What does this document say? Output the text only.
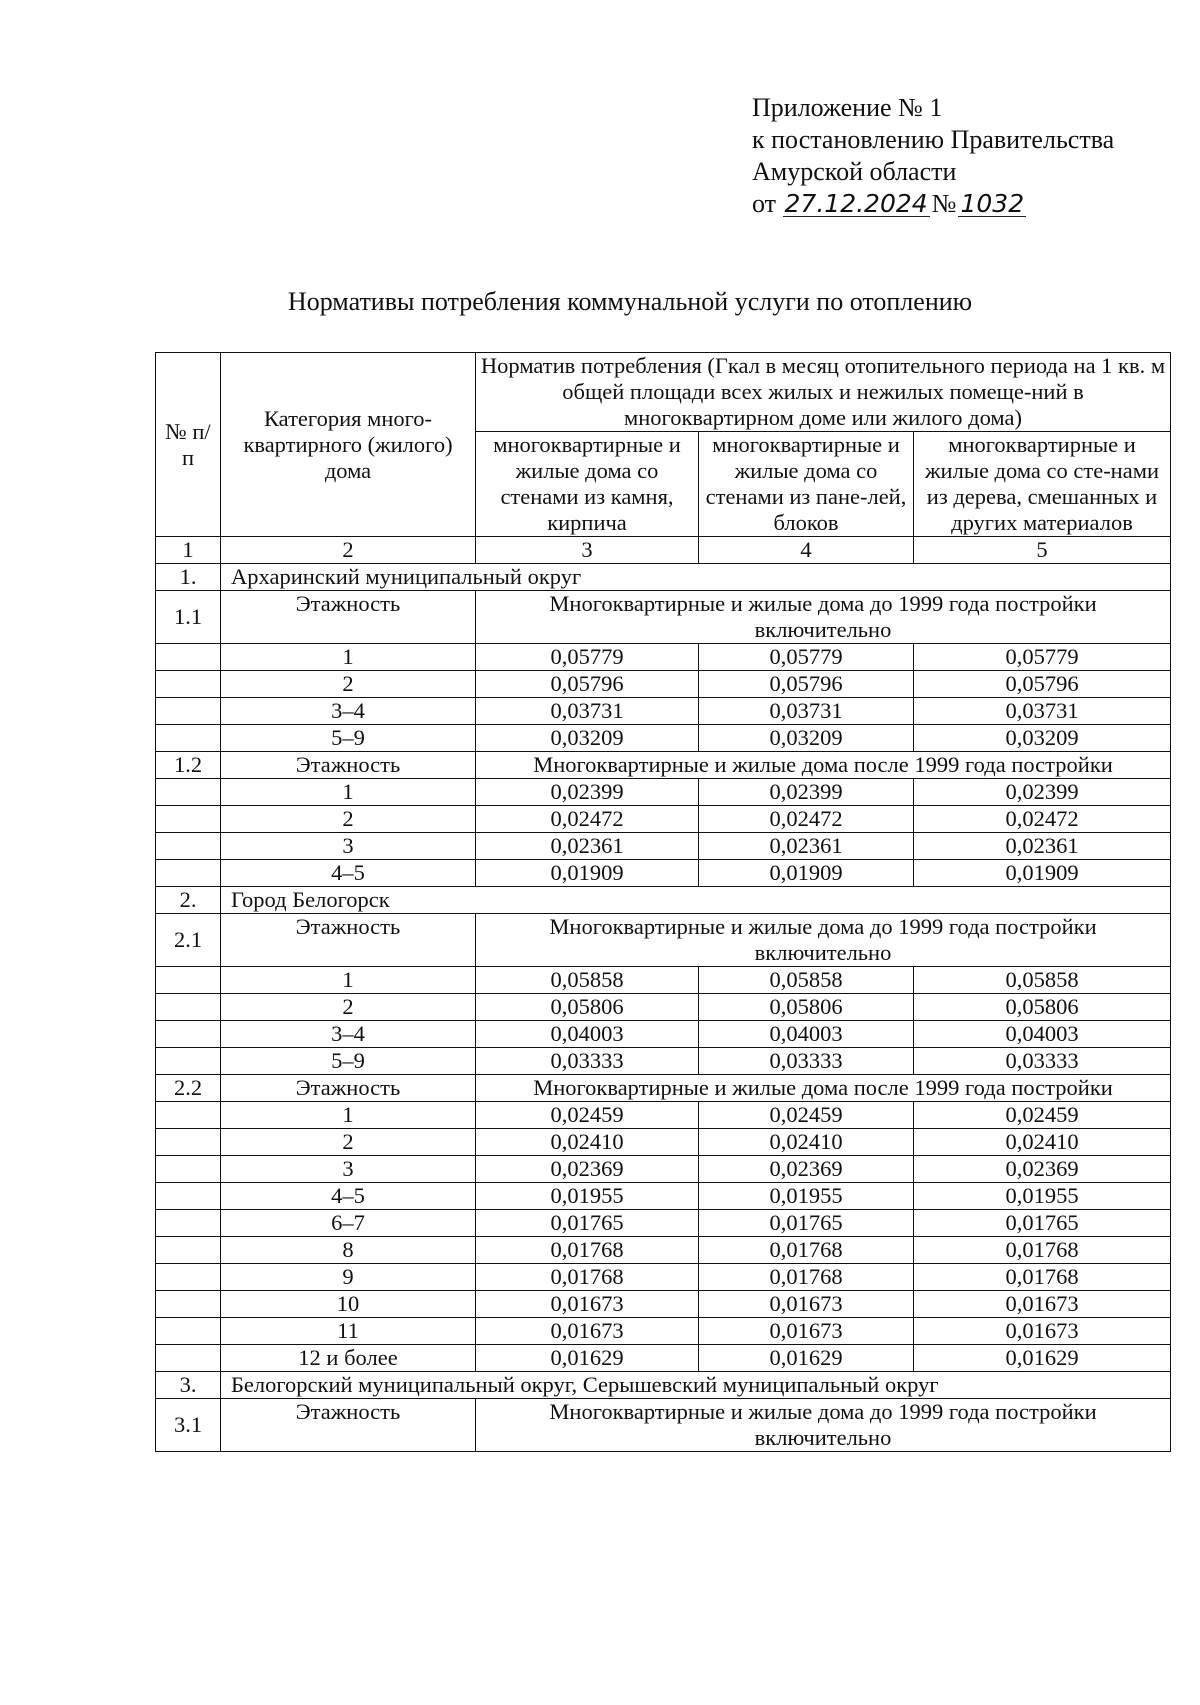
Приложение № 1
к постановлению Правительства
Амурской области
от 27.12.2024 № 1032
Нормативы потребления коммунальной услуги по отоплению
№ п/п	Категория много-квартирного (жилого) дома	Норматив потребления (Гкал в месяц отопительного периода на 1 кв. м общей площади всех жилых и нежилых помеще-ний в многоквартирном доме или жилого дома)		
		многоквартирные и жилые дома со стенами из камня, кирпича	многоквартирные и жилые дома со стенами из пане-лей, блоков	многоквартирные и жилые дома со сте-нами из дерева, смешанных и других материалов
1	2	3	4	5
1.	Архаринский муниципальный округ			
1.1	Этажность	Многоквартирные и жилые дома до 1999 года постройки включительно		
	1	0,05779	0,05779	0,05779
	2	0,05796	0,05796	0,05796
	3–4	0,03731	0,03731	0,03731
	5–9	0,03209	0,03209	0,03209
1.2	Этажность	Многоквартирные и жилые дома после 1999 года постройки		
	1	0,02399	0,02399	0,02399
	2	0,02472	0,02472	0,02472
	3	0,02361	0,02361	0,02361
	4–5	0,01909	0,01909	0,01909
2.	Город Белогорск			
2.1	Этажность	Многоквартирные и жилые дома до 1999 года постройки включительно		
	1	0,05858	0,05858	0,05858
	2	0,05806	0,05806	0,05806
	3–4	0,04003	0,04003	0,04003
	5–9	0,03333	0,03333	0,03333
2.2	Этажность	Многоквартирные и жилые дома после 1999 года постройки		
	1	0,02459	0,02459	0,02459
	2	0,02410	0,02410	0,02410
	3	0,02369	0,02369	0,02369
	4–5	0,01955	0,01955	0,01955
	6–7	0,01765	0,01765	0,01765
	8	0,01768	0,01768	0,01768
	9	0,01768	0,01768	0,01768
	10	0,01673	0,01673	0,01673
	11	0,01673	0,01673	0,01673
	12 и более	0,01629	0,01629	0,01629
3.	Белогорский муниципальный округ, Серышевский муниципальный округ			
3.1	Этажность	Многоквартирные и жилые дома до 1999 года постройки включительно		
